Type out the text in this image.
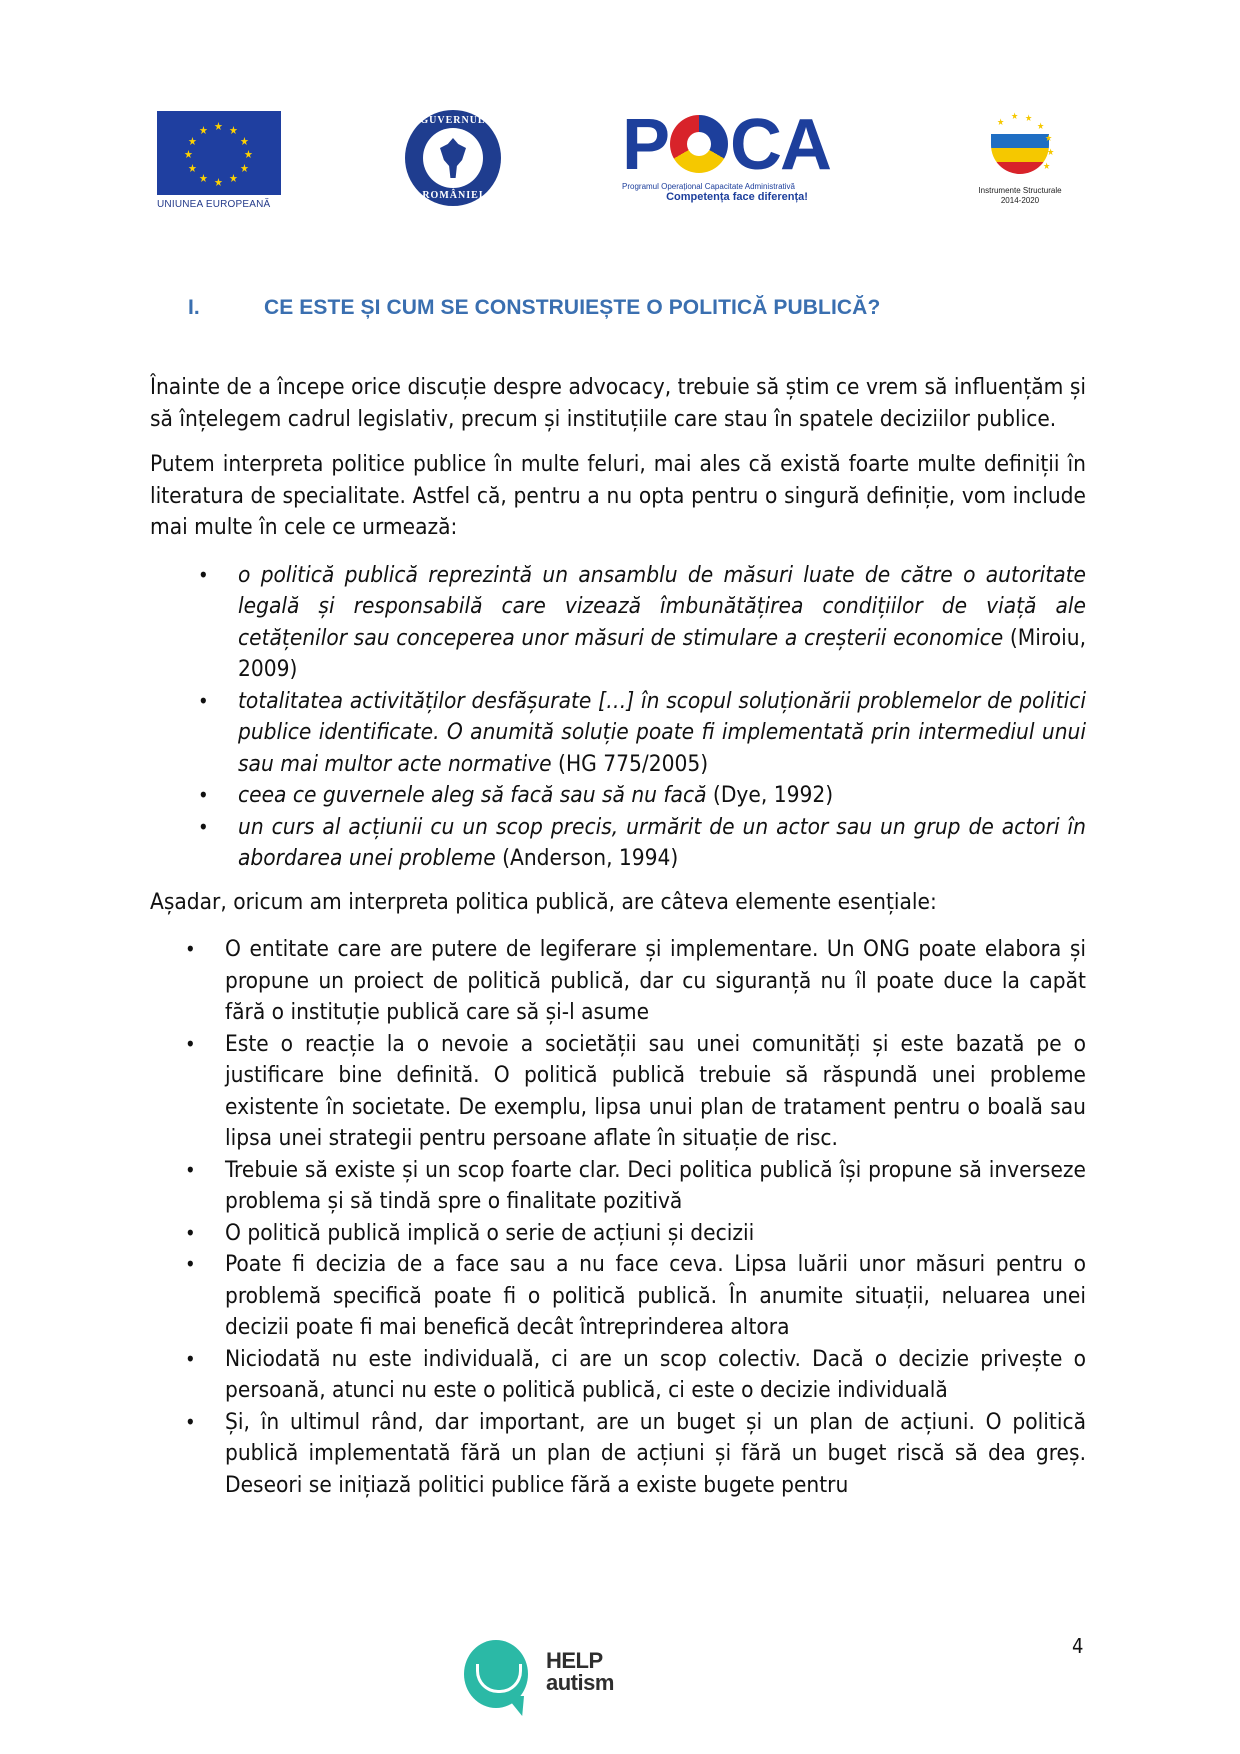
★ ★
★
★
★
★
★
★
★
★
★
★
UNIUNEA EUROPEANĂ
GUVERNUL
ROMÂNIEI
P CA
Programul Operațional Capacitate Administrativă
Competența face diferența!
★
★ ★
★
★
★
★
Instrumente Structurale
2014-2020
I.	CE ESTE ȘI CUM SE CONSTRUIEȘTE O POLITICĂ PUBLICĂ?

Înainte de a începe orice discuție despre advocacy, trebuie să știm ce vrem să influențăm și să înțelegem cadrul legislativ, precum și instituțiile care stau în spatele deciziilor publice.

Putem interpreta politice publice în multe feluri, mai ales că există foarte multe definiții în literatura de specialitate. Astfel că, pentru a nu opta pentru o singură definiție, vom include mai multe în cele ce urmează:

• o politică publică reprezintă un ansamblu de măsuri luate de către o autoritate legală și responsabilă care vizează îmbunătățirea condițiilor de viață ale cetățenilor sau conceperea unor măsuri de stimulare a creșterii economice (Miroiu, 2009)
• totalitatea activităților desfășurate […] în scopul soluționării problemelor de politici publice identificate. O anumită soluție poate fi implementată prin intermediul unui sau mai multor acte normative (HG 775/2005)
• ceea ce guvernele aleg să facă sau să nu facă (Dye, 1992)
• un curs al acțiunii cu un scop precis, urmărit de un actor sau un grup de actori în abordarea unei probleme (Anderson, 1994)

Așadar, oricum am interpreta politica publică, are câteva elemente esențiale:

• O entitate care are putere de legiferare și implementare. Un ONG poate elabora și propune un proiect de politică publică, dar cu siguranță nu îl poate duce la capăt fără o instituție publică care să și-l asume
• Este o reacție la o nevoie a societății sau unei comunități și este bazată pe o justificare bine definită. O politică publică trebuie să răspundă unei probleme existente în societate. De exemplu, lipsa unui plan de tratament pentru o boală sau lipsa unei strategii pentru persoane aflate în situație de risc.
• Trebuie să existe și un scop foarte clar. Deci politica publică își propune să inverseze problema și să tindă spre o finalitate pozitivă
• O politică publică implică o serie de acțiuni și decizii
• Poate fi decizia de a face sau a nu face ceva. Lipsa luării unor măsuri pentru o problemă specifică poate fi o politică publică. În anumite situații, neluarea unei decizii poate fi mai benefică decât întreprinderea altora
• Niciodată nu este individuală, ci are un scop colectiv. Dacă o decizie privește o persoană, atunci nu este o politică publică, ci este o decizie individuală
• Și, în ultimul rând, dar important, are un buget și un plan de acțiuni. O politică publică implementată fără un plan de acțiuni și fără un buget riscă să dea greș. Deseori se inițiază politici publice fără a existe bugete pentru
HELP
autism
4
